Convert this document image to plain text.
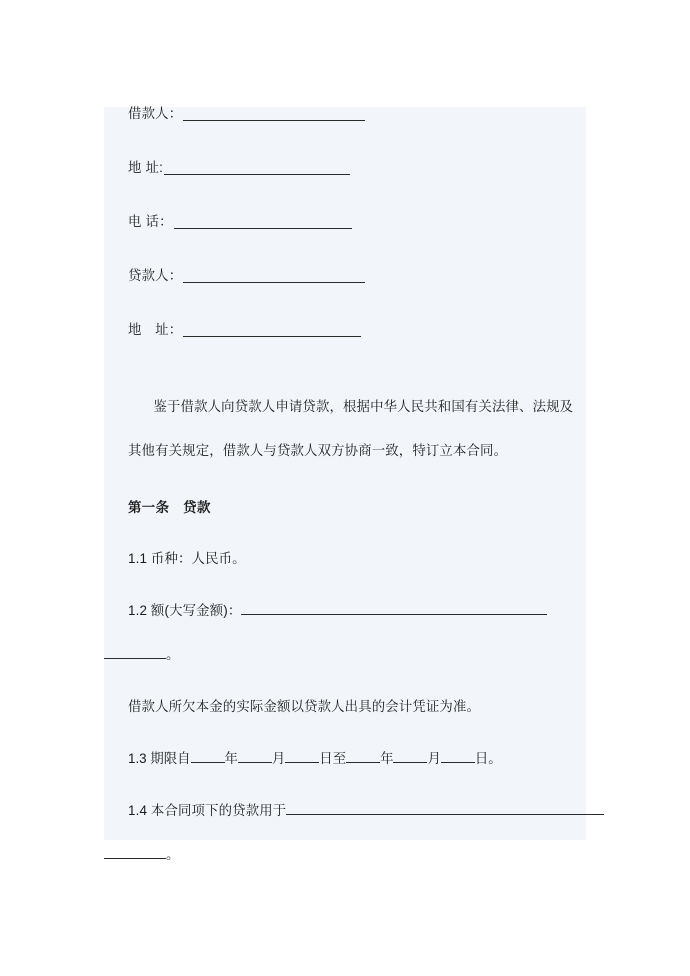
借款人：
地 址:
电 话：
贷款人：
地　址：
鉴于借款人向贷款人申请贷款，根据中华人民共和国有关法律、法规及其他有关规定，借款人与贷款人双方协商一致，特订立本合同。
第一条　贷款
1.1 币种：人民币。
1.2 额(大写金额)：
。
借款人所欠本金的实际金额以贷款人出具的会计凭证为准。
1.3 期限自	年	月	日至	年	月	日。
1.4 本合同项下的贷款用于
。
